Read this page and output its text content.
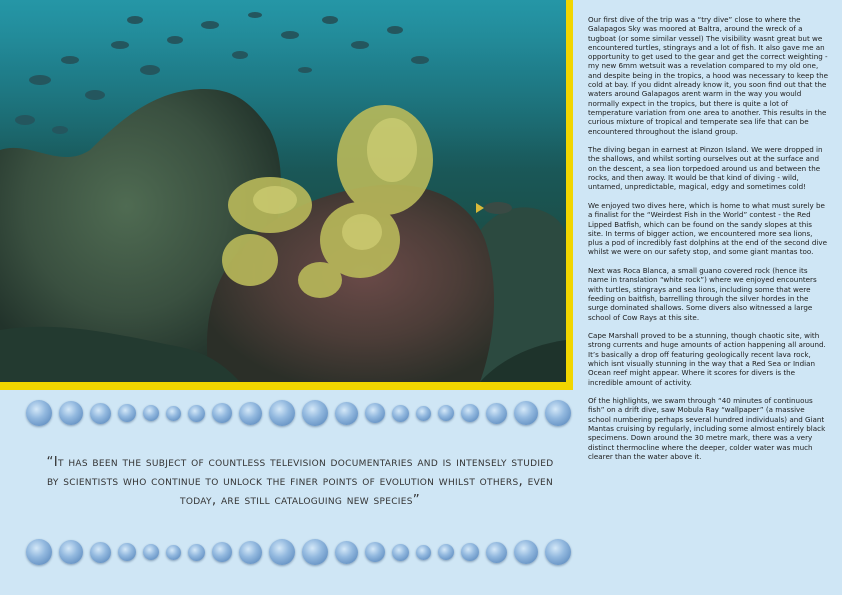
“It has been the subject of countless television documentaries and is intensely studied by scientists who continue to unlock the finer points of evolution whilst others, even today, are still cataloguing new species”

Our first dive of the trip was a “try dive” close to where the Galapagos Sky was moored at Baltra, around the wreck of a tugboat (or some similar vessel) The visibility wasnt great but we encountered turtles, stingrays and a lot of fish. It also gave me an opportunity to get used to the gear and get the correct weighting - my new 6mm wetsuit was a revelation compared to my old one, and despite being in the tropics, a hood was necessary to keep the cold at bay. If you didnt already know it, you soon find out that the waters around Galapagos arent warm in the way you would normally expect in the tropics, but there is quite a lot of temperature variation from one area to another. This results in the curious mixture of tropical and temperate sea life that can be encountered throughout the island group.

The diving began in earnest at Pinzon Island. We were dropped in the shallows, and whilst sorting ourselves out at the surface and on the descent, a sea lion torpedoed around us and between the rocks, and then away. It would be that kind of diving - wild, untamed, unpredictable, magical, edgy and sometimes cold!

We enjoyed two dives here, which is home to what must surely be a finalist for the “Weirdest Fish in the World” contest - the Red Lipped Batfish, which can be found on the sandy slopes at this site. In terms of bigger action, we encountered more sea lions, plus a pod of incredibly fast dolphins at the end of the second dive whilst we were on our safety stop, and some giant mantas too.

Next was Roca Blanca, a small guano covered rock (hence its name in translation “white rock”) where we enjoyed encounters with turtles, stingrays and sea lions, including some that were feeding on baitfish, barrelling through the silver hordes in the surge dominated shallows. Some divers also witnessed a large school of Cow Rays at this site.

Cape Marshall proved to be a stunning, though chaotic site, with strong currents and huge amounts of action happening all around. It’s basically a drop off featuring geologically recent lava rock, which isnt visually stunning in the way that a Red Sea or Indian Ocean reef might appear. Where it scores for divers is the incredible amount of activity.

Of the highlights, we swam through “40 minutes of continuous fish” on a drift dive, saw Mobula Ray “wallpaper” (a massive school numbering perhaps several hundred individuals) and Giant Mantas cruising by regularly, including some almost entirely black specimens. Down around the 30 metre mark, there was a very distinct thermocline where the deeper, colder water was much clearer than the water above it.
